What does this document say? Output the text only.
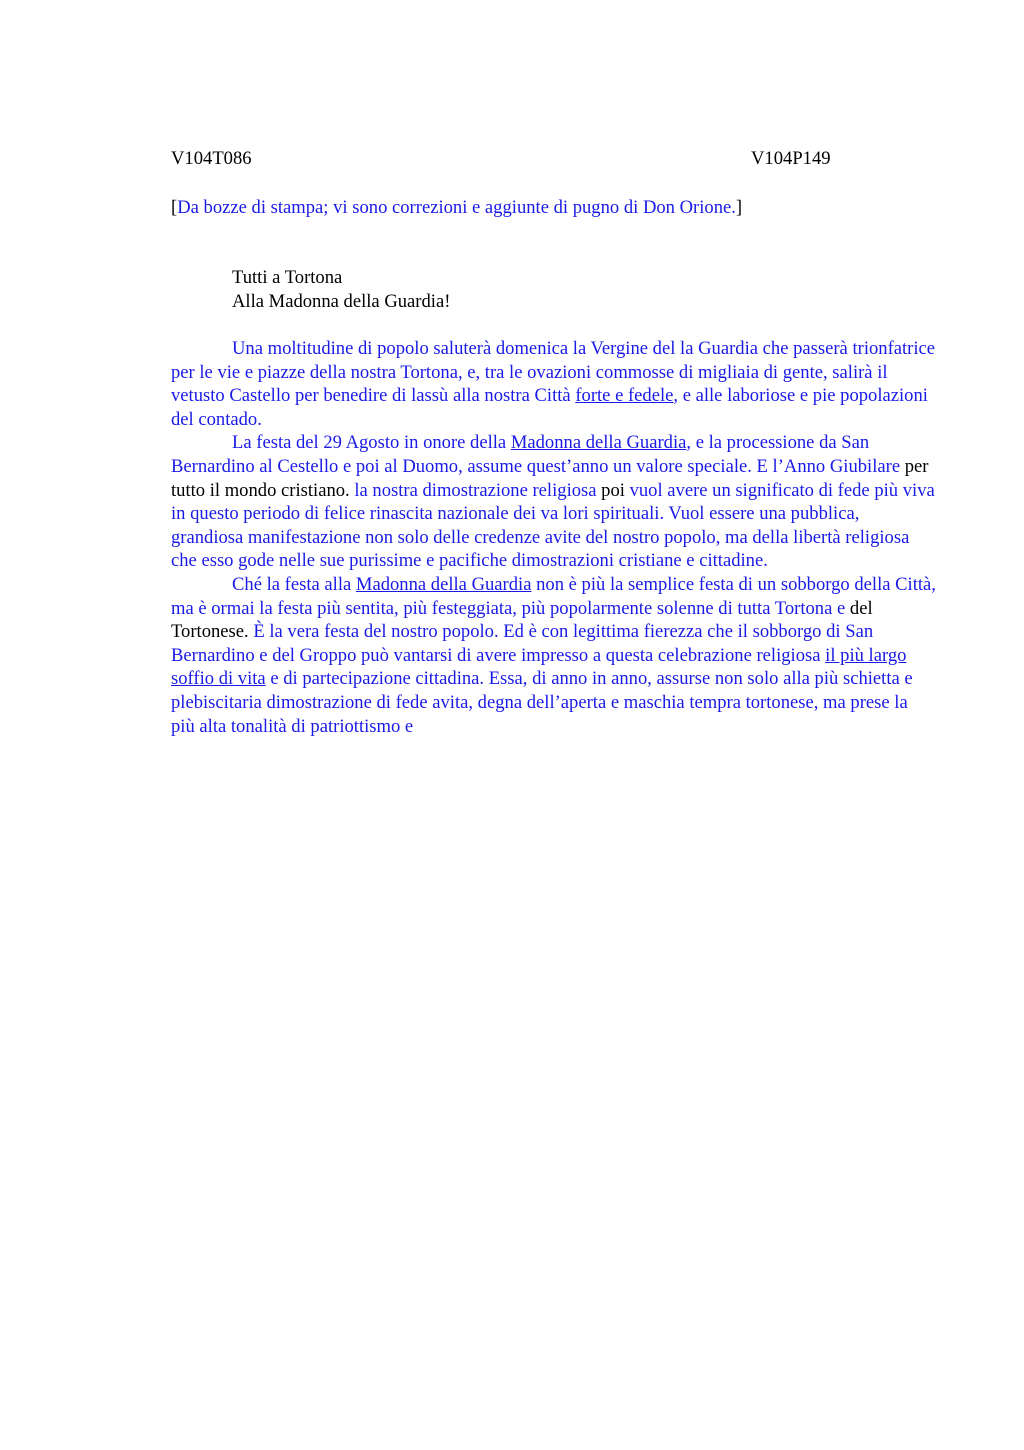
V104T086	V104P149
[Da bozze di stampa; vi sono correzioni e aggiunte di pugno di Don Orione.]
Tutti a Tortona
Alla Madonna della Guardia!

Una moltitudine di popolo saluterà domenica la Vergine del la Guardia che passerà trionfatrice per le vie e piazze della nostra Tortona, e, tra le ovazioni commosse di migliaia di gente, salirà il vetusto Castello per benedire di lassù alla nostra Città forte e fedele, e alle laboriose e pie popolazioni del contado.

La festa del 29 Agosto in onore della Madonna della Guardia, e la processione da San Bernardino al Cestello e poi al Duomo, assume quest’anno un valore speciale. E l’Anno Giubilare per tutto il mondo cristiano. la nostra dimostrazione religiosa poi vuol avere un significato di fede più viva in questo periodo di felice rinascita nazionale dei va lori spirituali. Vuol essere una pubblica, grandiosa manifestazione non solo delle credenze avite del nostro popolo, ma della libertà religiosa che esso gode nelle sue purissime e pacifiche dimostrazioni cristiane e cittadine.

Ché la festa alla Madonna della Guardia non è più la semplice festa di un sobborgo della Città, ma è ormai la festa più sentita, più festeggiata, più popolarmente solenne di tutta Tortona e del Tortonese. È la vera festa del nostro popolo. Ed è con legittima fierezza che il sobborgo di San Bernardino e del Groppo può vantarsi di avere impresso a questa celebrazione religiosa il più largo soffio di vita e di partecipazione cittadina. Essa, di anno in anno, assurse non solo alla più schietta e plebiscitaria dimostrazione di fede avita, degna dell’aperta e maschia tempra tortonese, ma prese la più alta tonalità di patriottismo e
